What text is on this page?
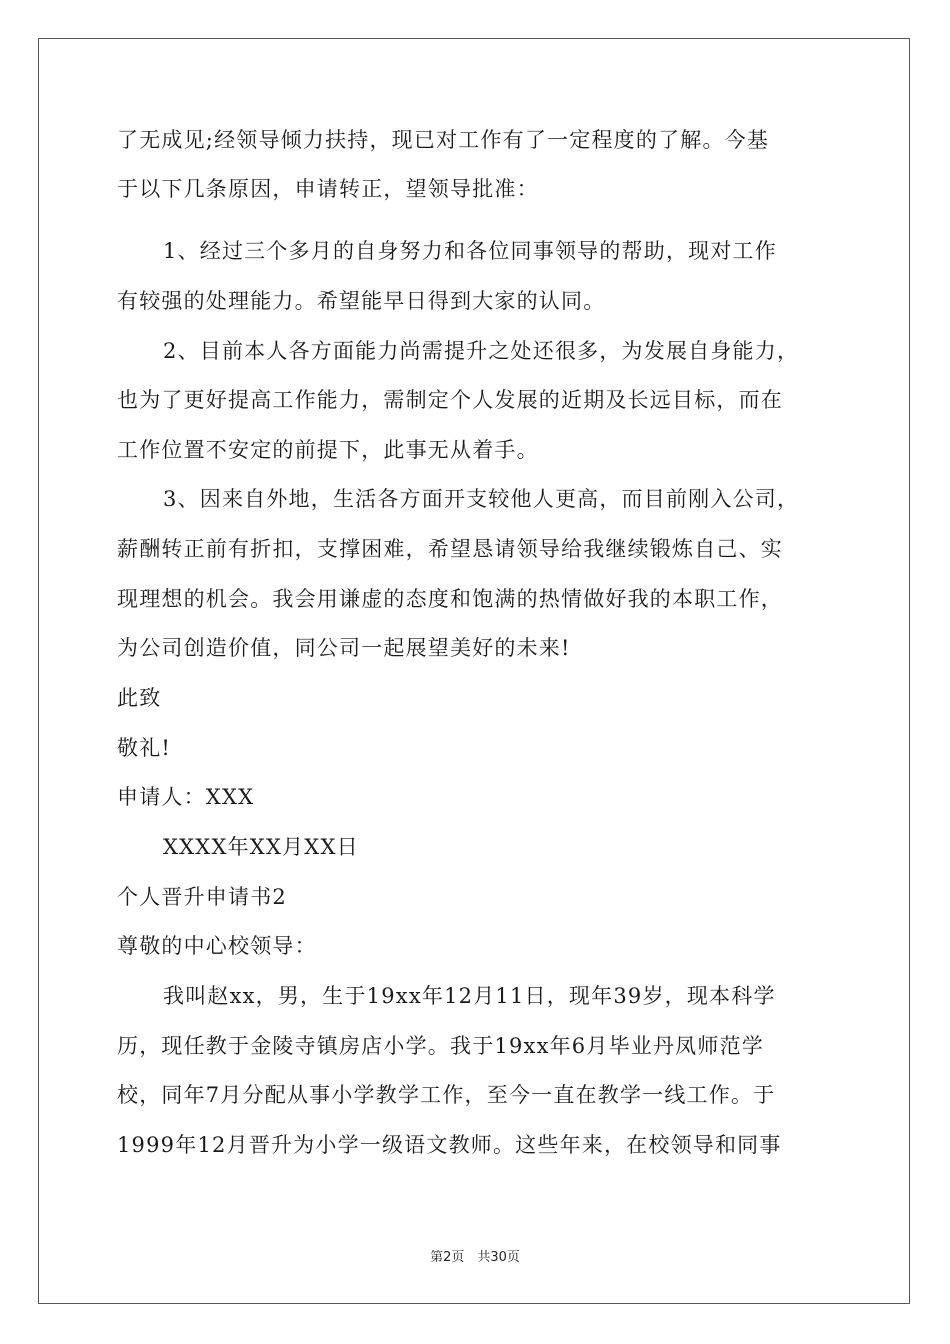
了无成见;经领导倾力扶持，现已对工作有了一定程度的了解。今基
于以下几条原因，申请转正，望领导批准：
1、经过三个多月的自身努力和各位同事领导的帮助，现对工作
有较强的处理能力。希望能早日得到大家的认同。
2、目前本人各方面能力尚需提升之处还很多，为发展自身能力，
也为了更好提高工作能力，需制定个人发展的近期及长远目标，而在
工作位置不安定的前提下，此事无从着手。
3、因来自外地，生活各方面开支较他人更高，而目前刚入公司，
薪酬转正前有折扣，支撑困难，希望恳请领导给我继续锻炼自己、实
现理想的机会。我会用谦虚的态度和饱满的热情做好我的本职工作，
为公司创造价值，同公司一起展望美好的未来!
此致
敬礼!
申请人：XXX
XXXX年XX月XX日
个人晋升申请书2
尊敬的中心校领导：
我叫赵xx，男，生于19xx年12月11日，现年39岁，现本科学
历，现任教于金陵寺镇房店小学。我于19xx年6月毕业丹凤师范学
校，同年7月分配从事小学教学工作，至今一直在教学一线工作。于
1999年12月晋升为小学一级语文教师。这些年来，在校领导和同事
第2页　共30页
